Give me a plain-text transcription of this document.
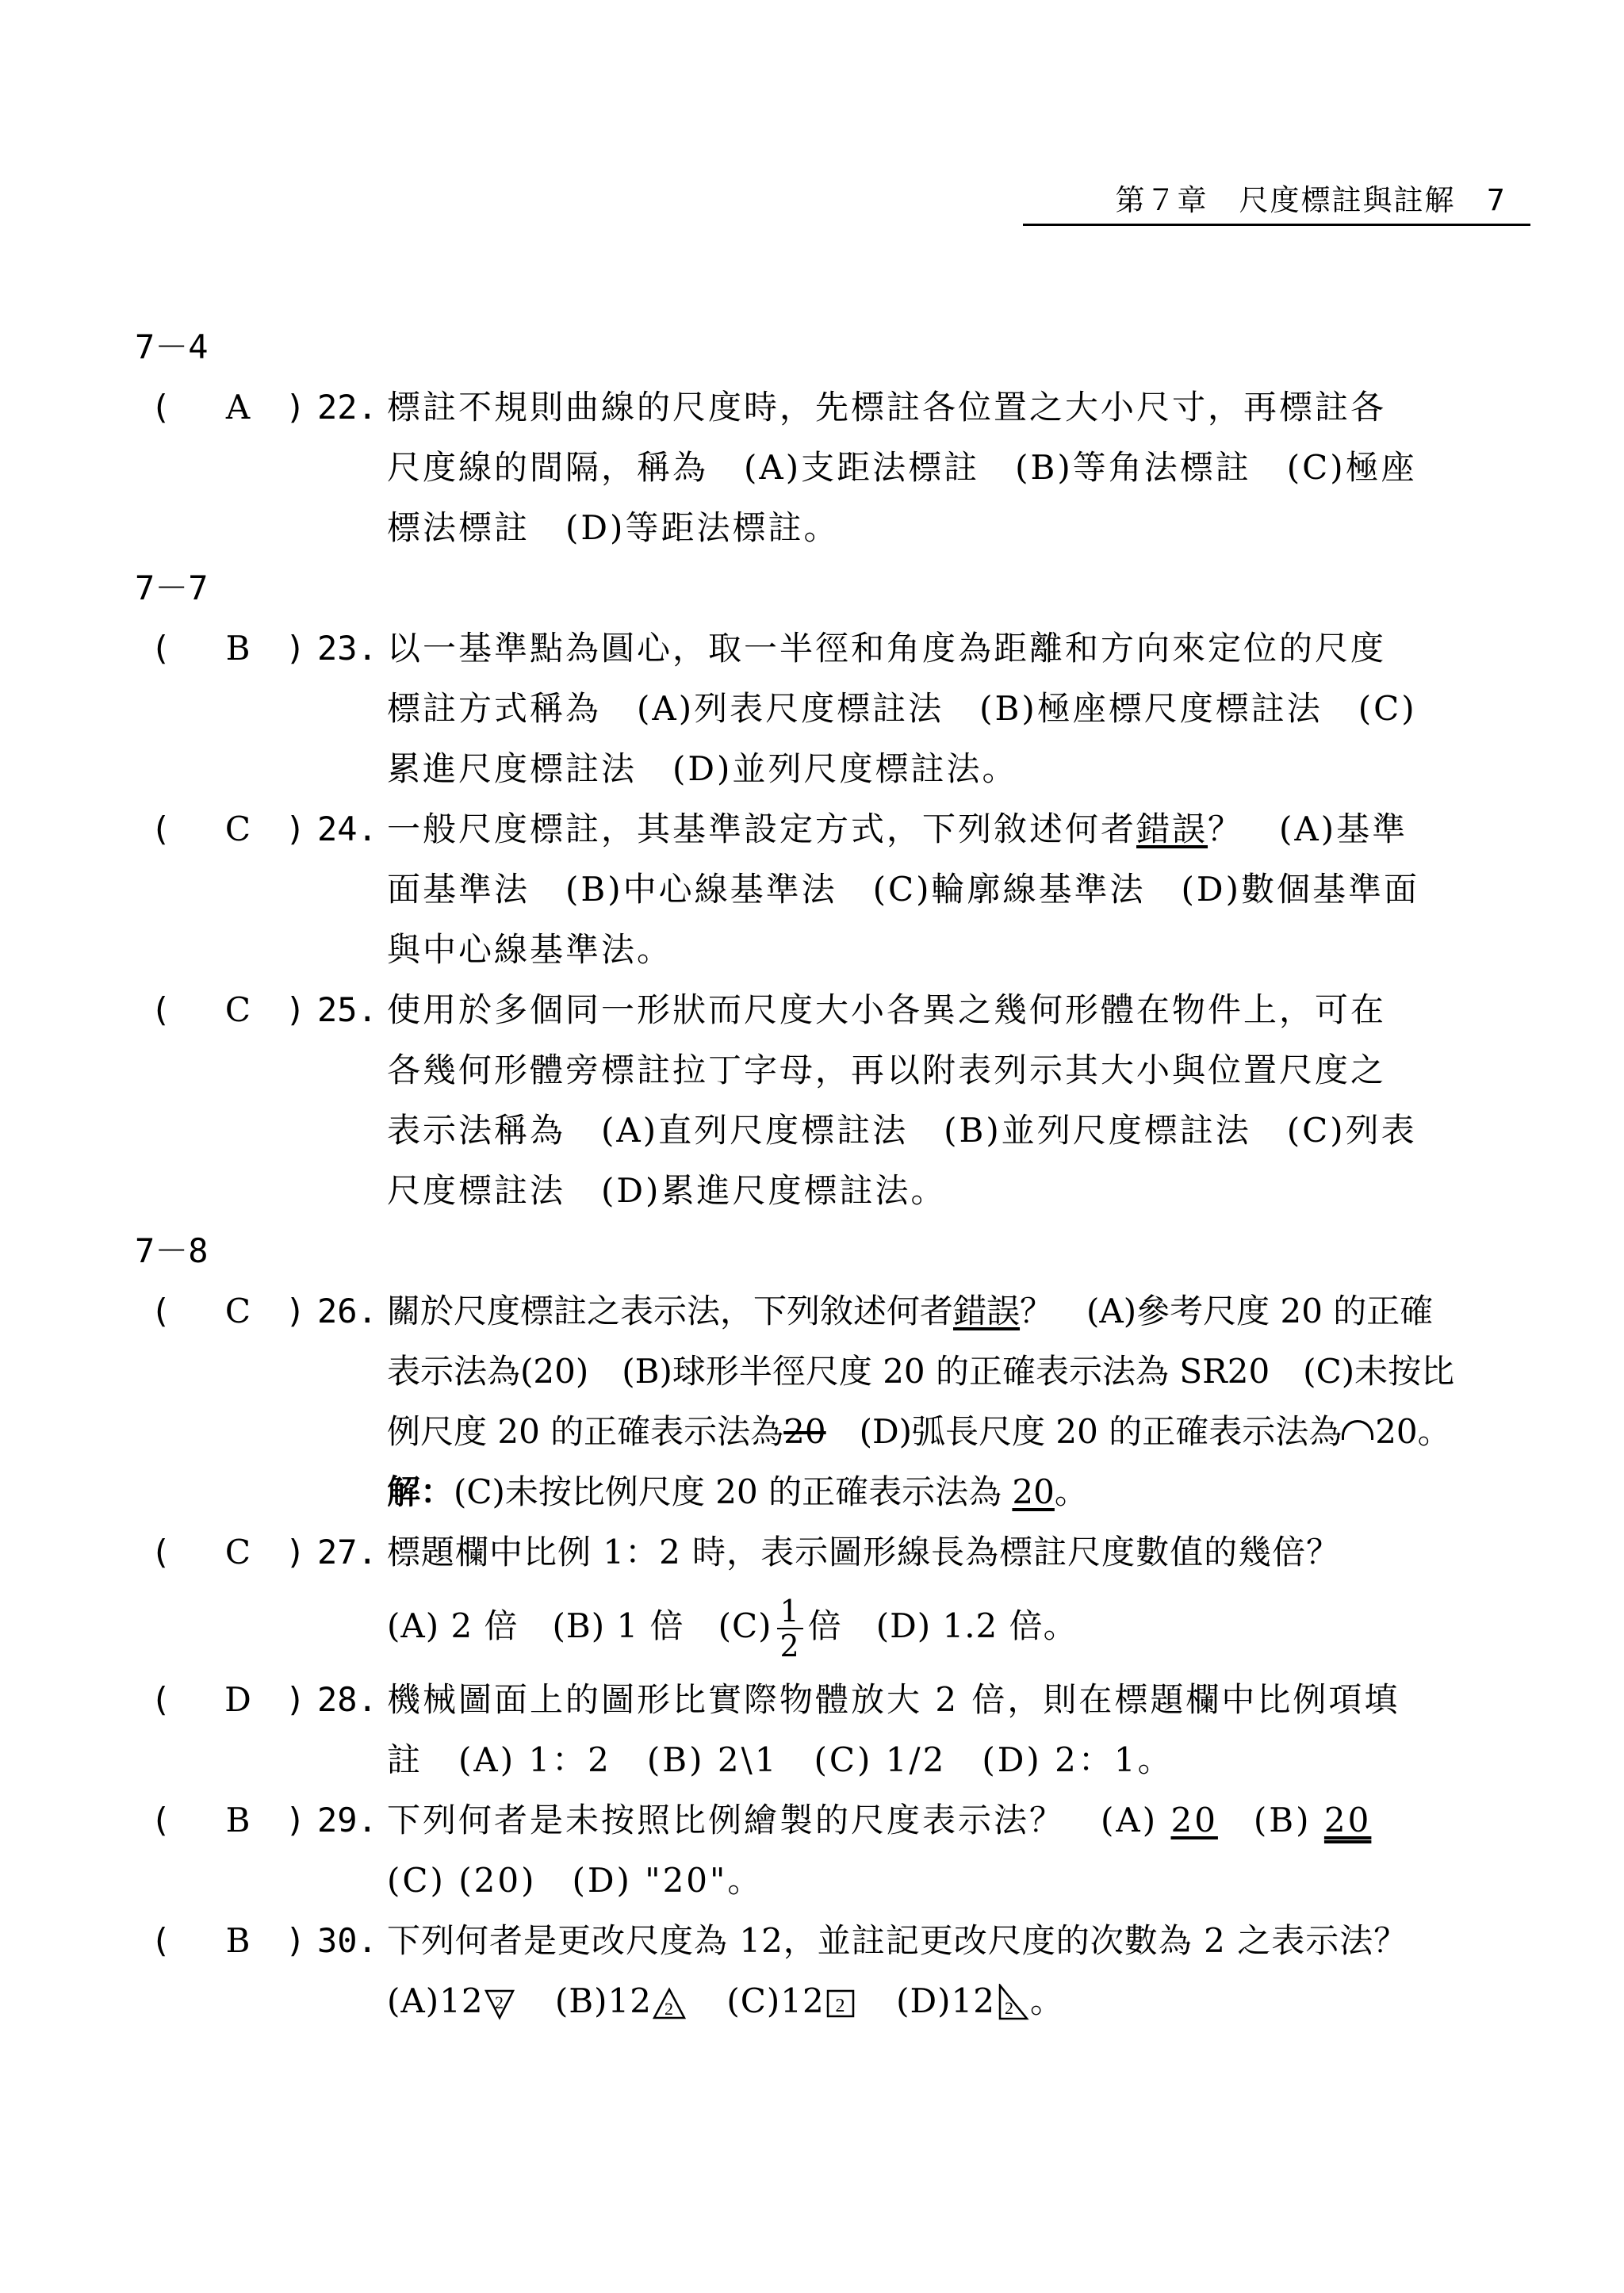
第７章　尺度標註與註解　7
7－4
(	A	) 22. 標註不規則曲線的尺度時，先標註各位置之大小尺寸，再標註各
尺度線的間隔，稱為　(A)支距法標註　(B)等角法標註　(C)極座
標法標註　(D)等距法標註。
7－7
(	B	) 23. 以一基準點為圓心，取一半徑和角度為距離和方向來定位的尺度
標註方式稱為　(A)列表尺度標註法　(B)極座標尺度標註法　(C)
累進尺度標註法　(D)並列尺度標註法。
(	C	) 24. 一般尺度標註，其基準設定方式，下列敘述何者錯誤？　(A)基準
面基準法　(B)中心線基準法　(C)輪廓線基準法　(D)數個基準面
與中心線基準法。
(	C	) 25. 使用於多個同一形狀而尺度大小各異之幾何形體在物件上，可在
各幾何形體旁標註拉丁字母，再以附表列示其大小與位置尺度之
表示法稱為　(A)直列尺度標註法　(B)並列尺度標註法　(C)列表
尺度標註法　(D)累進尺度標註法。
7－8
(	C	) 26. 關於尺度標註之表示法，下列敘述何者錯誤？　(A)參考尺度 20 的正確
表示法為(20)　(B)球形半徑尺度 20 的正確表示法為 SR20　(C)未按比
例尺度 20 的正確表示法為20　(D)弧長尺度 20 的正確表示法為 20。
解：(C)未按比例尺度 20 的正確表示法為 20。
(	C	) 27. 標題欄中比例 1：2 時，表示圖形線長為標註尺度數值的幾倍？
(A) 2 倍　(B) 1 倍　$(C) \frac{1}{2}$ 倍　(D) 1.2 倍。
(	D	) 28. 機械圖面上的圖形比實際物體放大 2 倍，則在標題欄中比例項填
註　(A) 1：2　(B) 2\1　(C) 1/2　(D) 2：1。
(	B	) 29. 下列何者是未按照比例繪製的尺度表示法？　(A) 20　(B) 20
(C) (20)　(D) "20"。
(	B	) 30. 下列何者是更改尺度為 12，並註記更改尺度的次數為 2 之表示法？
(A)12 2 (B)12 2 (C)12 2 (D)12 2 。
